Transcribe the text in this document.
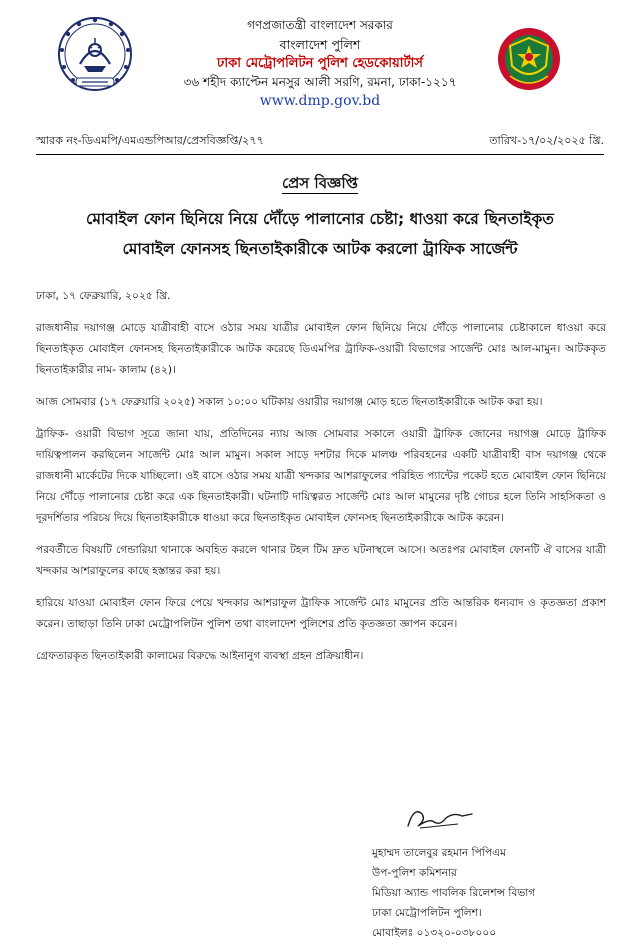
গণপ্রজাতন্ত্রী বাংলাদেশ সরকার
বাংলাদেশ পুলিশ
ঢাকা মেট্রোপলিটন পুলিশ হেডকোয়ার্টার্স
৩৬ শহীদ ক্যাপ্টেন মনসুর আলী সরণি, রমনা, ঢাকা-১২১৭
www.dmp.gov.bd
স্মারক নং-ডিএমপি/এমএন্ডপিআর/প্রেসবিজ্ঞপ্তি/২৭৭	তারিখ-১৭/০২/২০২৫ খ্রি.
প্রেস বিজ্ঞপ্তি
মোবাইল ফোন ছিনিয়ে নিয়ে দৌঁড়ে পালানোর চেষ্টা; ধাওয়া করে ছিনতাইকৃত
মোবাইল ফোনসহ ছিনতাইকারীকে আটক করলো ট্রাফিক সার্জেন্ট

ঢাকা, ১৭ ফেব্রুয়ারি, ২০২৫ খ্রি.

রাজধানীর দয়াগঞ্জ মোড়ে যাত্রীবাহী বাসে ওঠার সময় যাত্রীর মোবাইল ফোন ছিনিয়ে নিয়ে দৌঁড়ে পালানোর চেষ্টাকালে ধাওয়া করে ছিনতাইকৃত মোবাইল ফোনসহ ছিনতাইকারীকে আটক করেছে ডিএমপির ট্রাফিক-ওয়ারী বিভাগের সার্জেন্ট মোঃ আল-মামুন। আটককৃত ছিনতাইকারীর নাম- কালাম (৪২)।

আজ সোমবার (১৭ ফেব্রুয়ারি ২০২৫) সকাল ১০:০০ ঘটিকায় ওয়ারীর দয়াগঞ্জ মোড় হতে ছিনতাইকারীকে আটক করা হয়।

ট্রাফিক- ওয়ারী বিভাগ সূত্রে জানা যায়, প্রতিদিনের ন্যায় আজ সোমবার সকালে ওয়ারী ট্রাফিক জোনের দয়াগঞ্জ মোড়ে ট্রাফিক দায়িত্বপালন করছিলেন সার্জেন্ট মোঃ আল মামুন। সকাল সাড়ে দশটার দিকে মালঞ্চ পরিবহনের একটি যাত্রীবাহী বাস দয়াগঞ্জ থেকে রাজধানী মার্কেটের দিকে যাচ্ছিলো। ওই বাসে ওঠার সময় যাত্রী খন্দকার আশরাফুলের পরিহিত প্যান্টের পকেট হতে মোবাইল ফোন ছিনিয়ে নিয়ে দৌঁড়ে পালানোর চেষ্টা করে এক ছিনতাইকারী। ঘটনাটি দায়িত্বরত সার্জেন্ট মোঃ আল মামুনের দৃষ্টি গোচর হলে তিনি সাহসিকতা ও দূরদর্শিতার পরিচয় দিয়ে ছিনতাইকারীকে ধাওয়া করে ছিনতাইকৃত মোবাইল ফোনসহ ছিনতাইকারীকে আটক করেন।

পরবর্তীতে বিষয়টি গেন্ডারিয়া থানাকে অবহিত করলে থানার টহল টিম দ্রুত ঘটনাস্থলে আসে। অতঃপর মোবাইল ফোনটি ঐ বাসের যাত্রী খন্দকার আশরাফুলের কাছে হস্তান্তর করা হয়।

হারিয়ে যাওয়া মোবাইল ফোন ফিরে পেয়ে খন্দকার আশরাফুল ট্রাফিক সার্জেন্ট মোঃ মামুনের প্রতি আন্তরিক ধন্যবাদ ও কৃতজ্ঞতা প্রকাশ করেন। তাছাড়া তিনি ঢাকা মেট্রোপলিটন পুলিশ তথা বাংলাদেশ পুলিশের প্রতি কৃতজ্ঞতা জ্ঞাপন করেন।

গ্রেফতারকৃত ছিনতাইকারী কালামের বিরুদ্ধে আইনানুগ ব্যবস্থা গ্রহন প্রক্রিয়াধীন।

মুহাম্মদ তালেবুর রহমান পিপিএম
উপ-পুলিশ কমিশনার
মিডিয়া অ্যান্ড পাবলিক রিলেশন্স বিভাগ
ঢাকা মেট্রোপলিটন পুলিশ।
মোবাইলঃ ০১৩২০-০৩৮০০০
